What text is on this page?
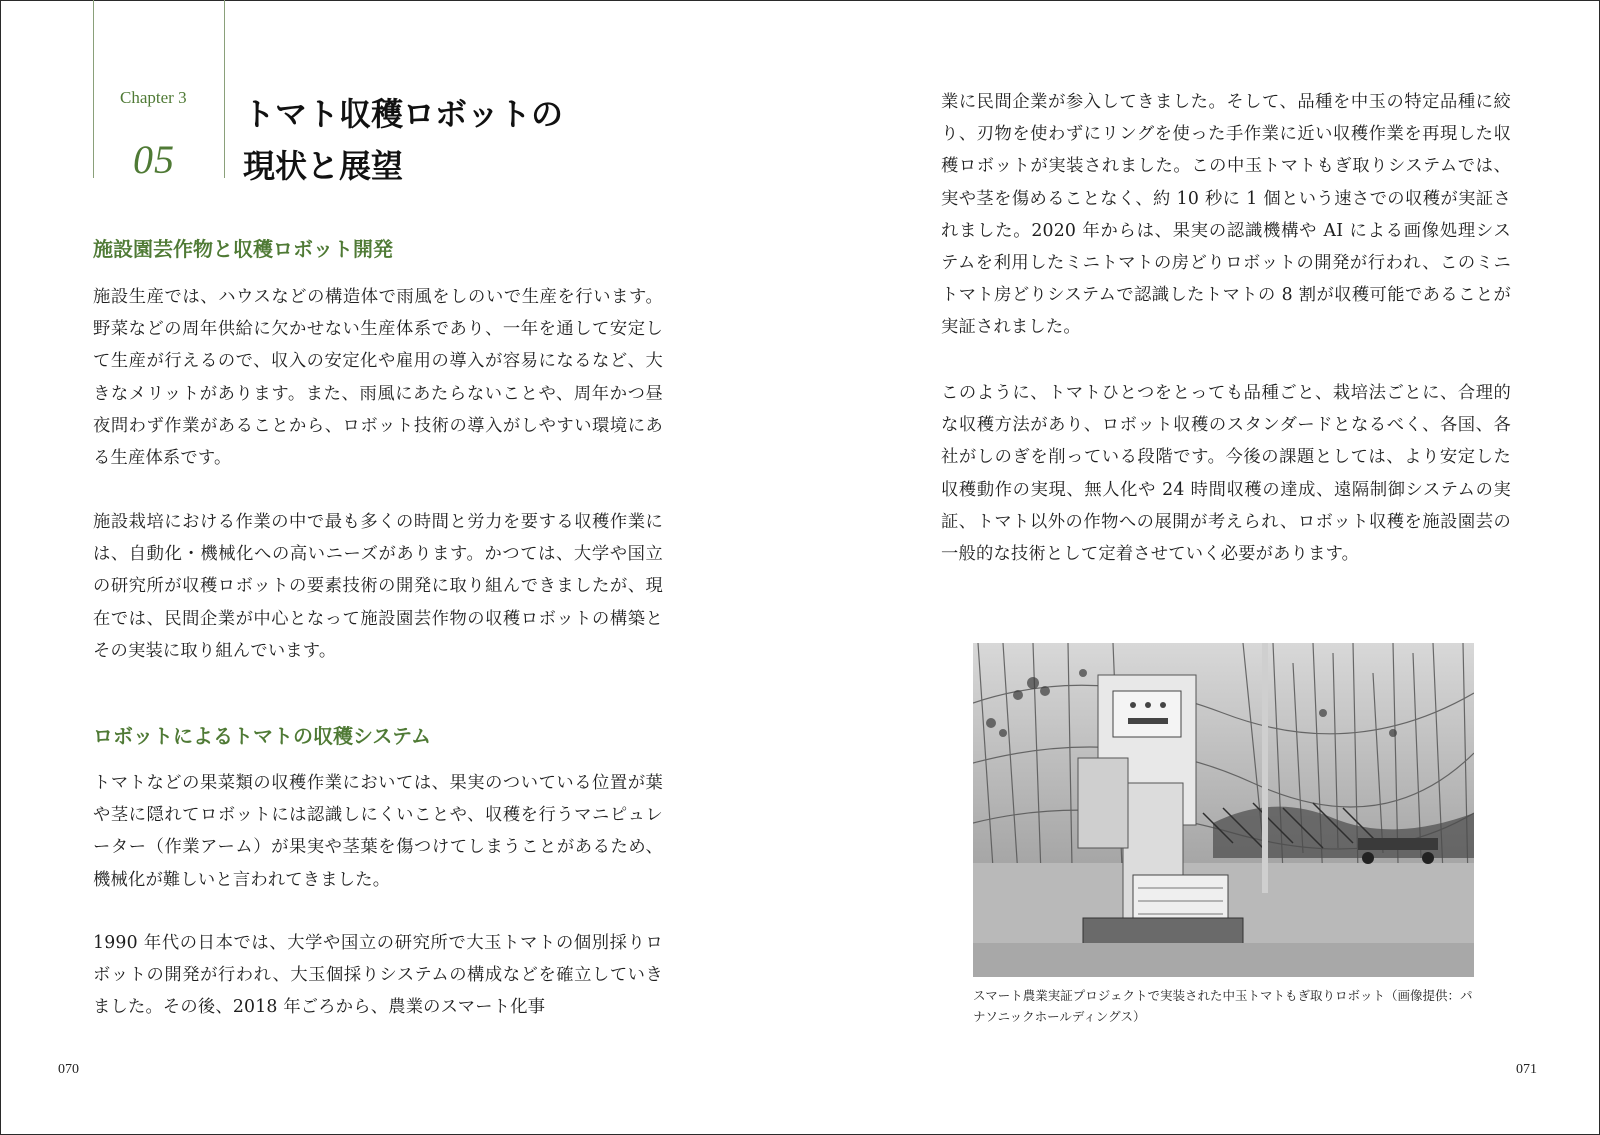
Chapter 3
05
トマト収穫ロボットの
現状と展望
施設園芸作物と収穫ロボット開発

施設生産では、ハウスなどの構造体で雨風をしのいで生産を行います。野菜などの周年供給に欠かせない生産体系であり、一年を通して安定して生産が行えるので、収入の安定化や雇用の導入が容易になるなど、大きなメリットがあります。また、雨風にあたらないことや、周年かつ昼夜問わず作業があることから、ロボット技術の導入がしやすい環境にある生産体系です。

施設栽培における作業の中で最も多くの時間と労力を要する収穫作業には、自動化・機械化への高いニーズがあります。かつては、大学や国立の研究所が収穫ロボットの要素技術の開発に取り組んできましたが、現在では、民間企業が中心となって施設園芸作物の収穫ロボットの構築とその実装に取り組んでいます。

ロボットによるトマトの収穫システム

トマトなどの果菜類の収穫作業においては、果実のついている位置が葉や茎に隠れてロボットには認識しにくいことや、収穫を行うマニピュレーター（作業アーム）が果実や茎葉を傷つけてしまうことがあるため、機械化が難しいと言われてきました。

1990 年代の日本では、大学や国立の研究所で大玉トマトの個別採りロボットの開発が行われ、大玉個採りシステムの構成などを確立していきました。その後、2018 年ごろから、農業のスマート化事

070

業に民間企業が参入してきました。そして、品種を中玉の特定品種に絞り、刃物を使わずにリングを使った手作業に近い収穫作業を再現した収穫ロボットが実装されました。この中玉トマトもぎ取りシステムでは、実や茎を傷めることなく、約 10 秒に 1 個という速さでの収穫が実証されました。2020 年からは、果実の認識機構や AI による画像処理システムを利用したミニトマトの房どりロボットの開発が行われ、このミニトマト房どりシステムで認識したトマトの 8 割が収穫可能であることが実証されました。

このように、トマトひとつをとっても品種ごと、栽培法ごとに、合理的な収穫方法があり、ロボット収穫のスタンダードとなるべく、各国、各社がしのぎを削っている段階です。今後の課題としては、より安定した収穫動作の実現、無人化や 24 時間収穫の達成、遠隔制御システムの実証、トマト以外の作物への展開が考えられ、ロボット収穫を施設園芸の一般的な技術として定着させていく必要があります。

スマート農業実証プロジェクトで実装された中玉トマトもぎ取りロボット（画像提供：パナソニックホールディングス）

071
